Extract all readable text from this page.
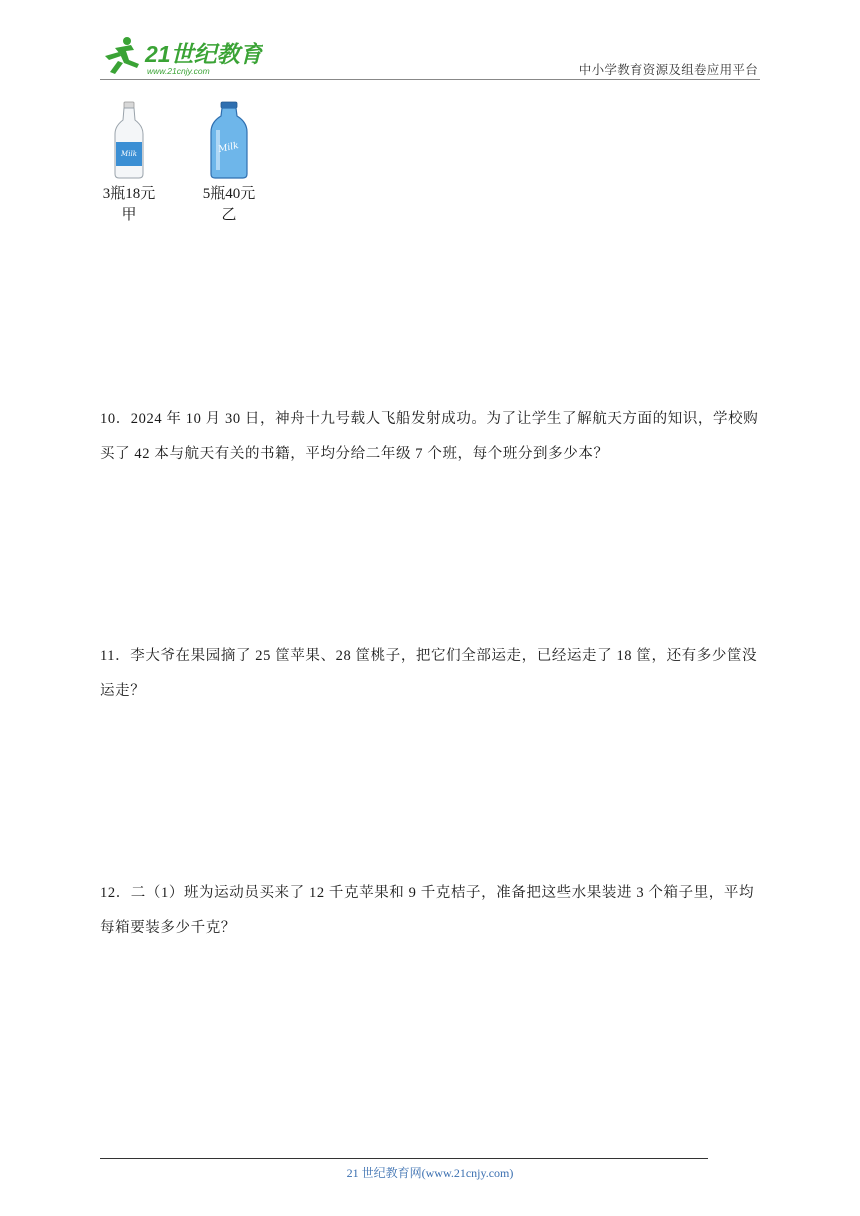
21世纪教育
www.21cnjy.com	中小学教育资源及组卷应用平台
Milk
3瓶18元
甲
Milk
5瓶40元
乙
10．2024 年 10 月 30 日，神舟十九号载人飞船发射成功。为了让学生了解航天方面的知识，学校购买了 42 本与航天有关的书籍，平均分给二年级 7 个班，每个班分到多少本？
11．李大爷在果园摘了 25 筐苹果、28 筐桃子，把它们全部运走，已经运走了 18 筐，还有多少筐没运走？
12．二（1）班为运动员买来了 12 千克苹果和 9 千克桔子，准备把这些水果装进 3 个箱子里，平均每箱要装多少千克？
21 世纪教育网(www.21cnjy.com)
